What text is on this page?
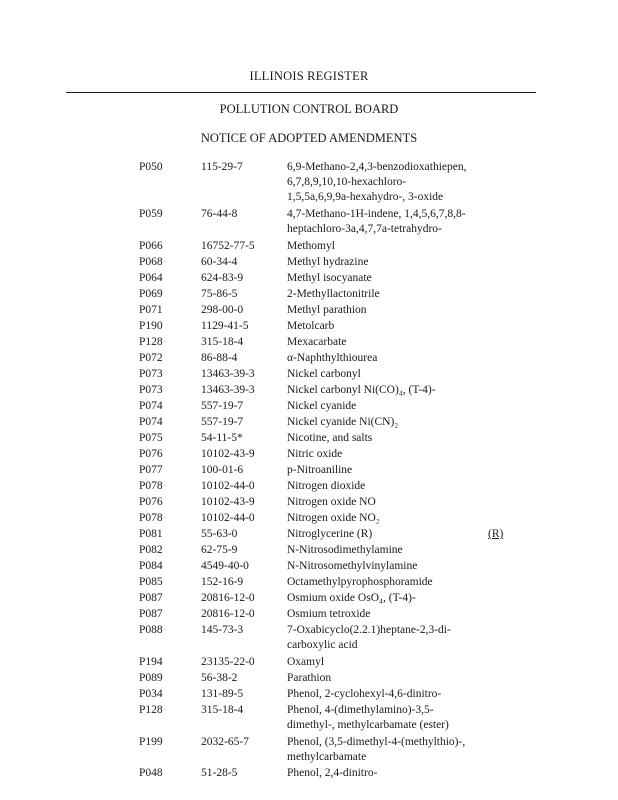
ILLINOIS REGISTER
POLLUTION CONTROL BOARD
NOTICE OF ADOPTED AMENDMENTS
P050	115-29-7	6,9-Methano-2,4,3-benzodioxathiepen,
6,7,8,9,10,10-hexachloro-
1,5,5a,6,9,9a-hexahydro-, 3-oxide
P059	76-44-8	4,7-Methano-1H-indene, 1,4,5,6,7,8,8-
heptachloro-3a,4,7,7a-tetrahydro-
P066	16752-77-5	Methomyl
P068	60-34-4	Methyl hydrazine
P064	624-83-9	Methyl isocyanate
P069	75-86-5	2-Methyllactonitrile
P071	298-00-0	Methyl parathion
P190	1129-41-5	Metolcarb
P128	315-18-4	Mexacarbate
P072	86-88-4	α-Naphthylthiourea
P073	13463-39-3	Nickel carbonyl
P073	13463-39-3	Nickel carbonyl Ni(CO)₄, (T-4)-
P074	557-19-7	Nickel cyanide
P074	557-19-7	Nickel cyanide Ni(CN)₂
P075	54-11-5*	Nicotine, and salts
P076	10102-43-9	Nitric oxide
P077	100-01-6	p-Nitroaniline
P078	10102-44-0	Nitrogen dioxide
P076	10102-43-9	Nitrogen oxide NO
P078	10102-44-0	Nitrogen oxide NO₂
P081	55-63-0	Nitroglycerine (R)	(R)
P082	62-75-9	N-Nitrosodimethylamine
P084	4549-40-0	N-Nitrosomethylvinylamine
P085	152-16-9	Octamethylpyrophosphoramide
P087	20816-12-0	Osmium oxide OsO₄, (T-4)-
P087	20816-12-0	Osmium tetroxide
P088	145-73-3	7-Oxabicyclo(2.2.1)heptane-2,3-di-
carboxylic acid
P194	23135-22-0	Oxamyl
P089	56-38-2	Parathion
P034	131-89-5	Phenol, 2-cyclohexyl-4,6-dinitro-
P128	315-18-4	Phenol, 4-(dimethylamino)-3,5-
dimethyl-, methylcarbamate (ester)
P199	2032-65-7	Phenol, (3,5-dimethyl-4-(methylthio)-,
methylcarbamate
P048	51-28-5	Phenol, 2,4-dinitro-
